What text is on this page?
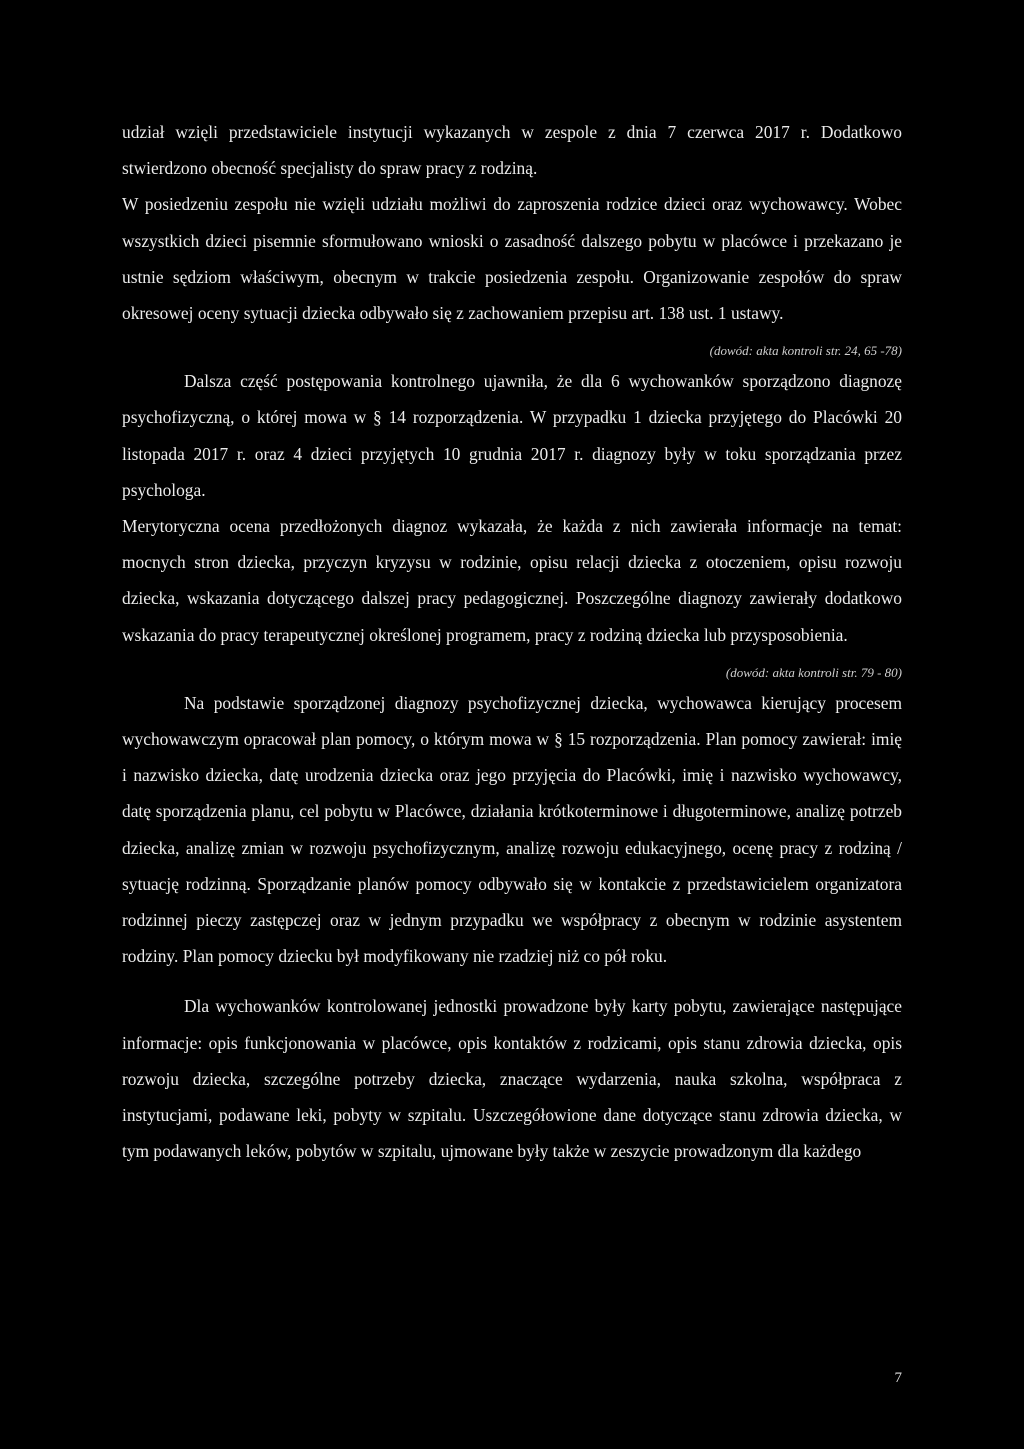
udział wzięli przedstawiciele instytucji wykazanych w zespole z dnia 7 czerwca 2017 r. Dodatkowo stwierdzono obecność specjalisty do spraw pracy z rodziną.

W posiedzeniu zespołu nie wzięli udziału możliwi do zaproszenia rodzice dzieci oraz wychowawcy. Wobec wszystkich dzieci pisemnie sformułowano wnioski o zasadność dalszego pobytu w placówce i przekazano je ustnie sędziom właściwym, obecnym w trakcie posiedzenia zespołu. Organizowanie zespołów do spraw okresowej oceny sytuacji dziecka odbywało się z zachowaniem przepisu art. 138 ust. 1 ustawy.

(dowód: akta kontroli str. 24, 65 -78)

Dalsza część postępowania kontrolnego ujawniła, że dla 6 wychowanków sporządzono diagnozę psychofizyczną, o której mowa w § 14 rozporządzenia. W przypadku 1 dziecka przyjętego do Placówki 20 listopada 2017 r. oraz 4 dzieci przyjętych 10 grudnia 2017 r. diagnozy były w toku sporządzania przez psychologa.

Merytoryczna ocena przedłożonych diagnoz wykazała, że każda z nich zawierała informacje na temat: mocnych stron dziecka, przyczyn kryzysu w rodzinie, opisu relacji dziecka z otoczeniem, opisu rozwoju dziecka, wskazania dotyczącego dalszej pracy pedagogicznej. Poszczególne diagnozy zawierały dodatkowo wskazania do pracy terapeutycznej określonej programem, pracy z rodziną dziecka lub przysposobienia.

(dowód: akta kontroli str. 79 - 80)

Na podstawie sporządzonej diagnozy psychofizycznej dziecka, wychowawca kierujący procesem wychowawczym opracował plan pomocy, o którym mowa w § 15 rozporządzenia. Plan pomocy zawierał: imię i nazwisko dziecka, datę urodzenia dziecka oraz jego przyjęcia do Placówki, imię i nazwisko wychowawcy, datę sporządzenia planu, cel pobytu w Placówce, działania krótkoterminowe i długoterminowe, analizę potrzeb dziecka, analizę zmian w rozwoju psychofizycznym, analizę rozwoju edukacyjnego, ocenę pracy z rodziną / sytuację rodzinną. Sporządzanie planów pomocy odbywało się w kontakcie z przedstawicielem organizatora rodzinnej pieczy zastępczej oraz w jednym przypadku we współpracy z obecnym w rodzinie asystentem rodziny. Plan pomocy dziecku był modyfikowany nie rzadziej niż co pół roku.

Dla wychowanków kontrolowanej jednostki prowadzone były karty pobytu, zawierające następujące informacje: opis funkcjonowania w placówce, opis kontaktów z rodzicami, opis stanu zdrowia dziecka, opis rozwoju dziecka, szczególne potrzeby dziecka, znaczące wydarzenia, nauka szkolna, współpraca z instytucjami, podawane leki, pobyty w szpitalu. Uszczegółowione dane dotyczące stanu zdrowia dziecka, w tym podawanych leków, pobytów w szpitalu, ujmowane były także w zeszycie prowadzonym dla każdego

7
